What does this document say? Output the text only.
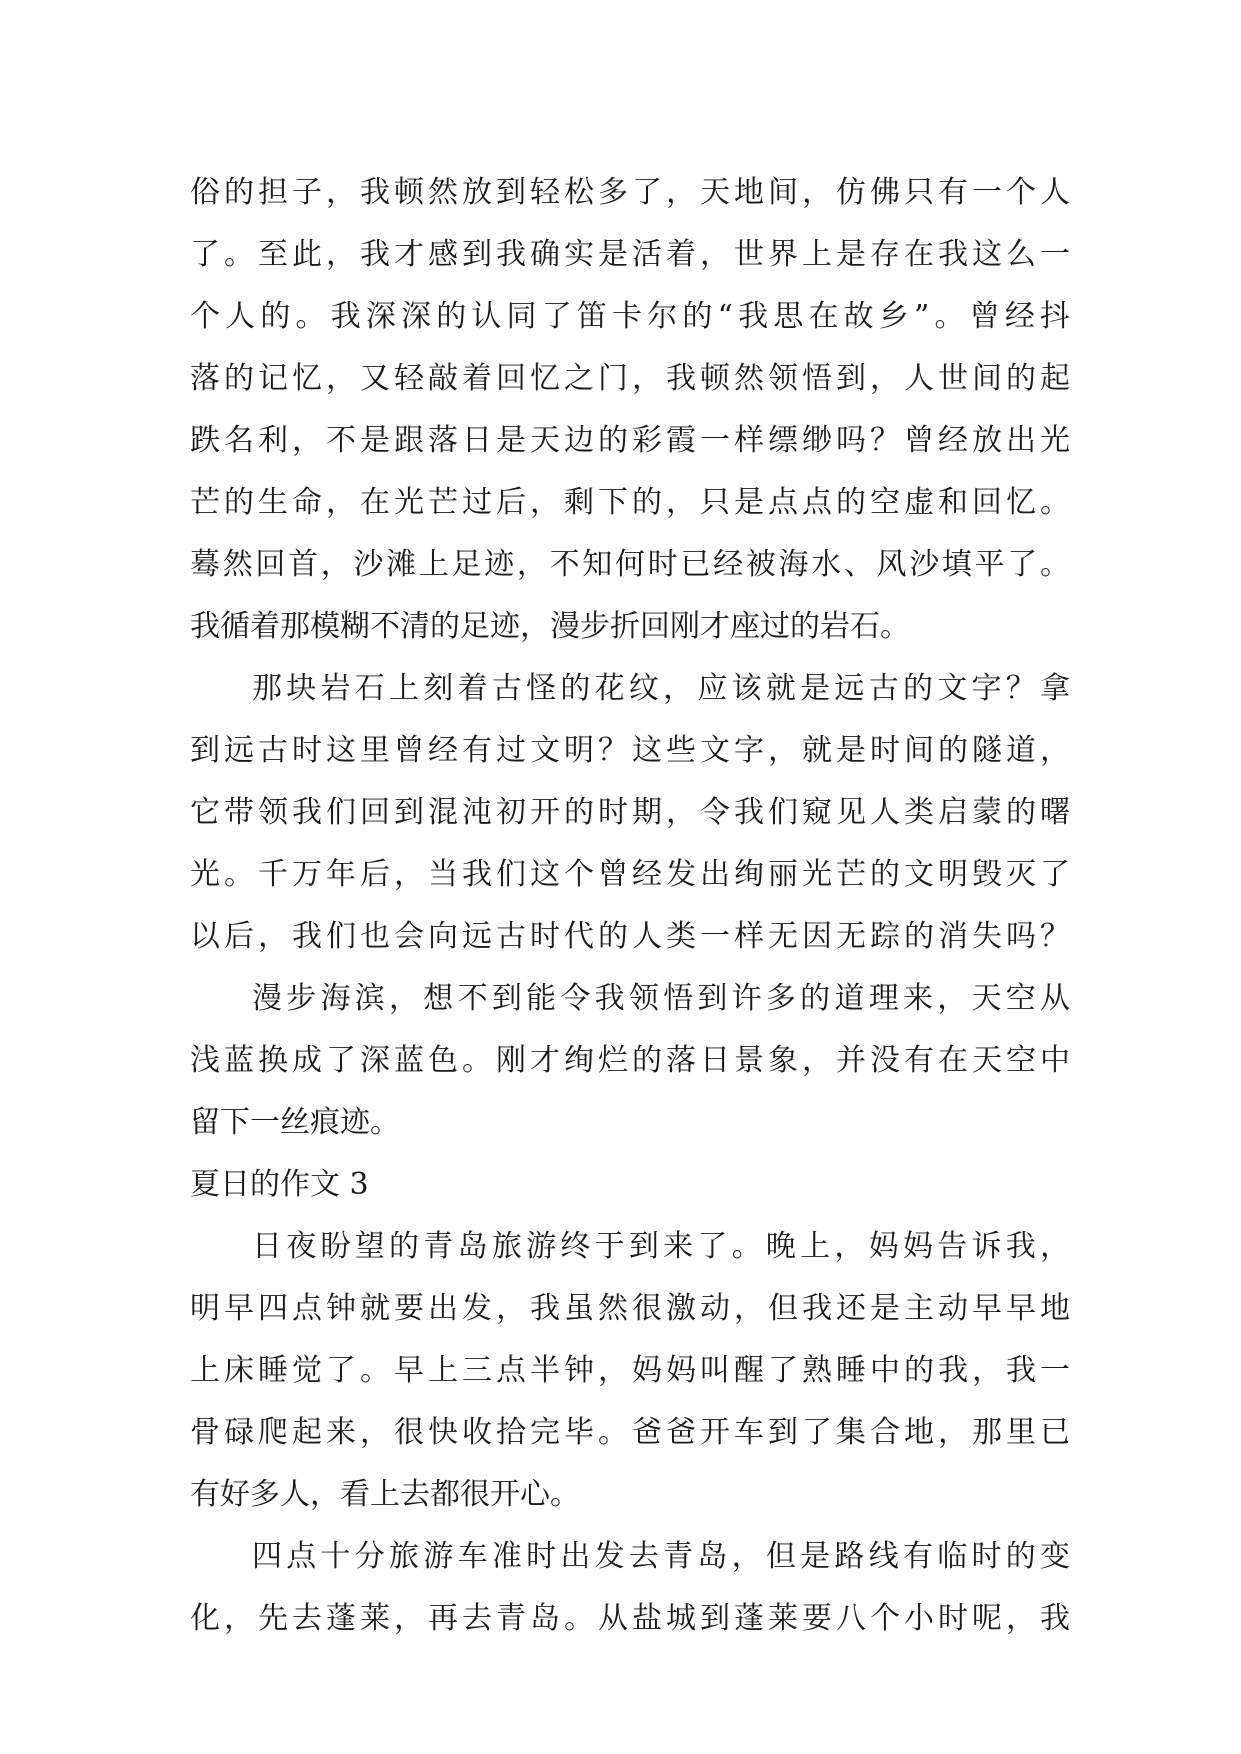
俗的担子，我顿然放到轻松多了，天地间，仿佛只有一个人
了。至此，我才感到我确实是活着，世界上是存在我这么一
个人的。我深深的认同了笛卡尔的“我思在故乡”。曾经抖
落的记忆，又轻敲着回忆之门，我顿然领悟到，人世间的起
跌名利，不是跟落日是天边的彩霞一样缥缈吗？曾经放出光
芒的生命，在光芒过后，剩下的，只是点点的空虚和回忆。
蓦然回首，沙滩上足迹，不知何时已经被海水、风沙填平了。
我循着那模糊不清的足迹，漫步折回刚才座过的岩石。
那块岩石上刻着古怪的花纹，应该就是远古的文字？拿
到远古时这里曾经有过文明？这些文字，就是时间的隧道，
它带领我们回到混沌初开的时期，令我们窥见人类启蒙的曙
光。千万年后，当我们这个曾经发出绚丽光芒的文明毁灭了
以后，我们也会向远古时代的人类一样无因无踪的消失吗？
漫步海滨，想不到能令我领悟到许多的道理来，天空从
浅蓝换成了深蓝色。刚才绚烂的落日景象，并没有在天空中
留下一丝痕迹。
夏日的作文 3
日夜盼望的青岛旅游终于到来了。晚上，妈妈告诉我，
明早四点钟就要出发，我虽然很激动，但我还是主动早早地
上床睡觉了。早上三点半钟，妈妈叫醒了熟睡中的我，我一
骨碌爬起来，很快收拾完毕。爸爸开车到了集合地，那里已
有好多人，看上去都很开心。
四点十分旅游车准时出发去青岛，但是路线有临时的变
化，先去蓬莱，再去青岛。从盐城到蓬莱要八个小时呢，我
